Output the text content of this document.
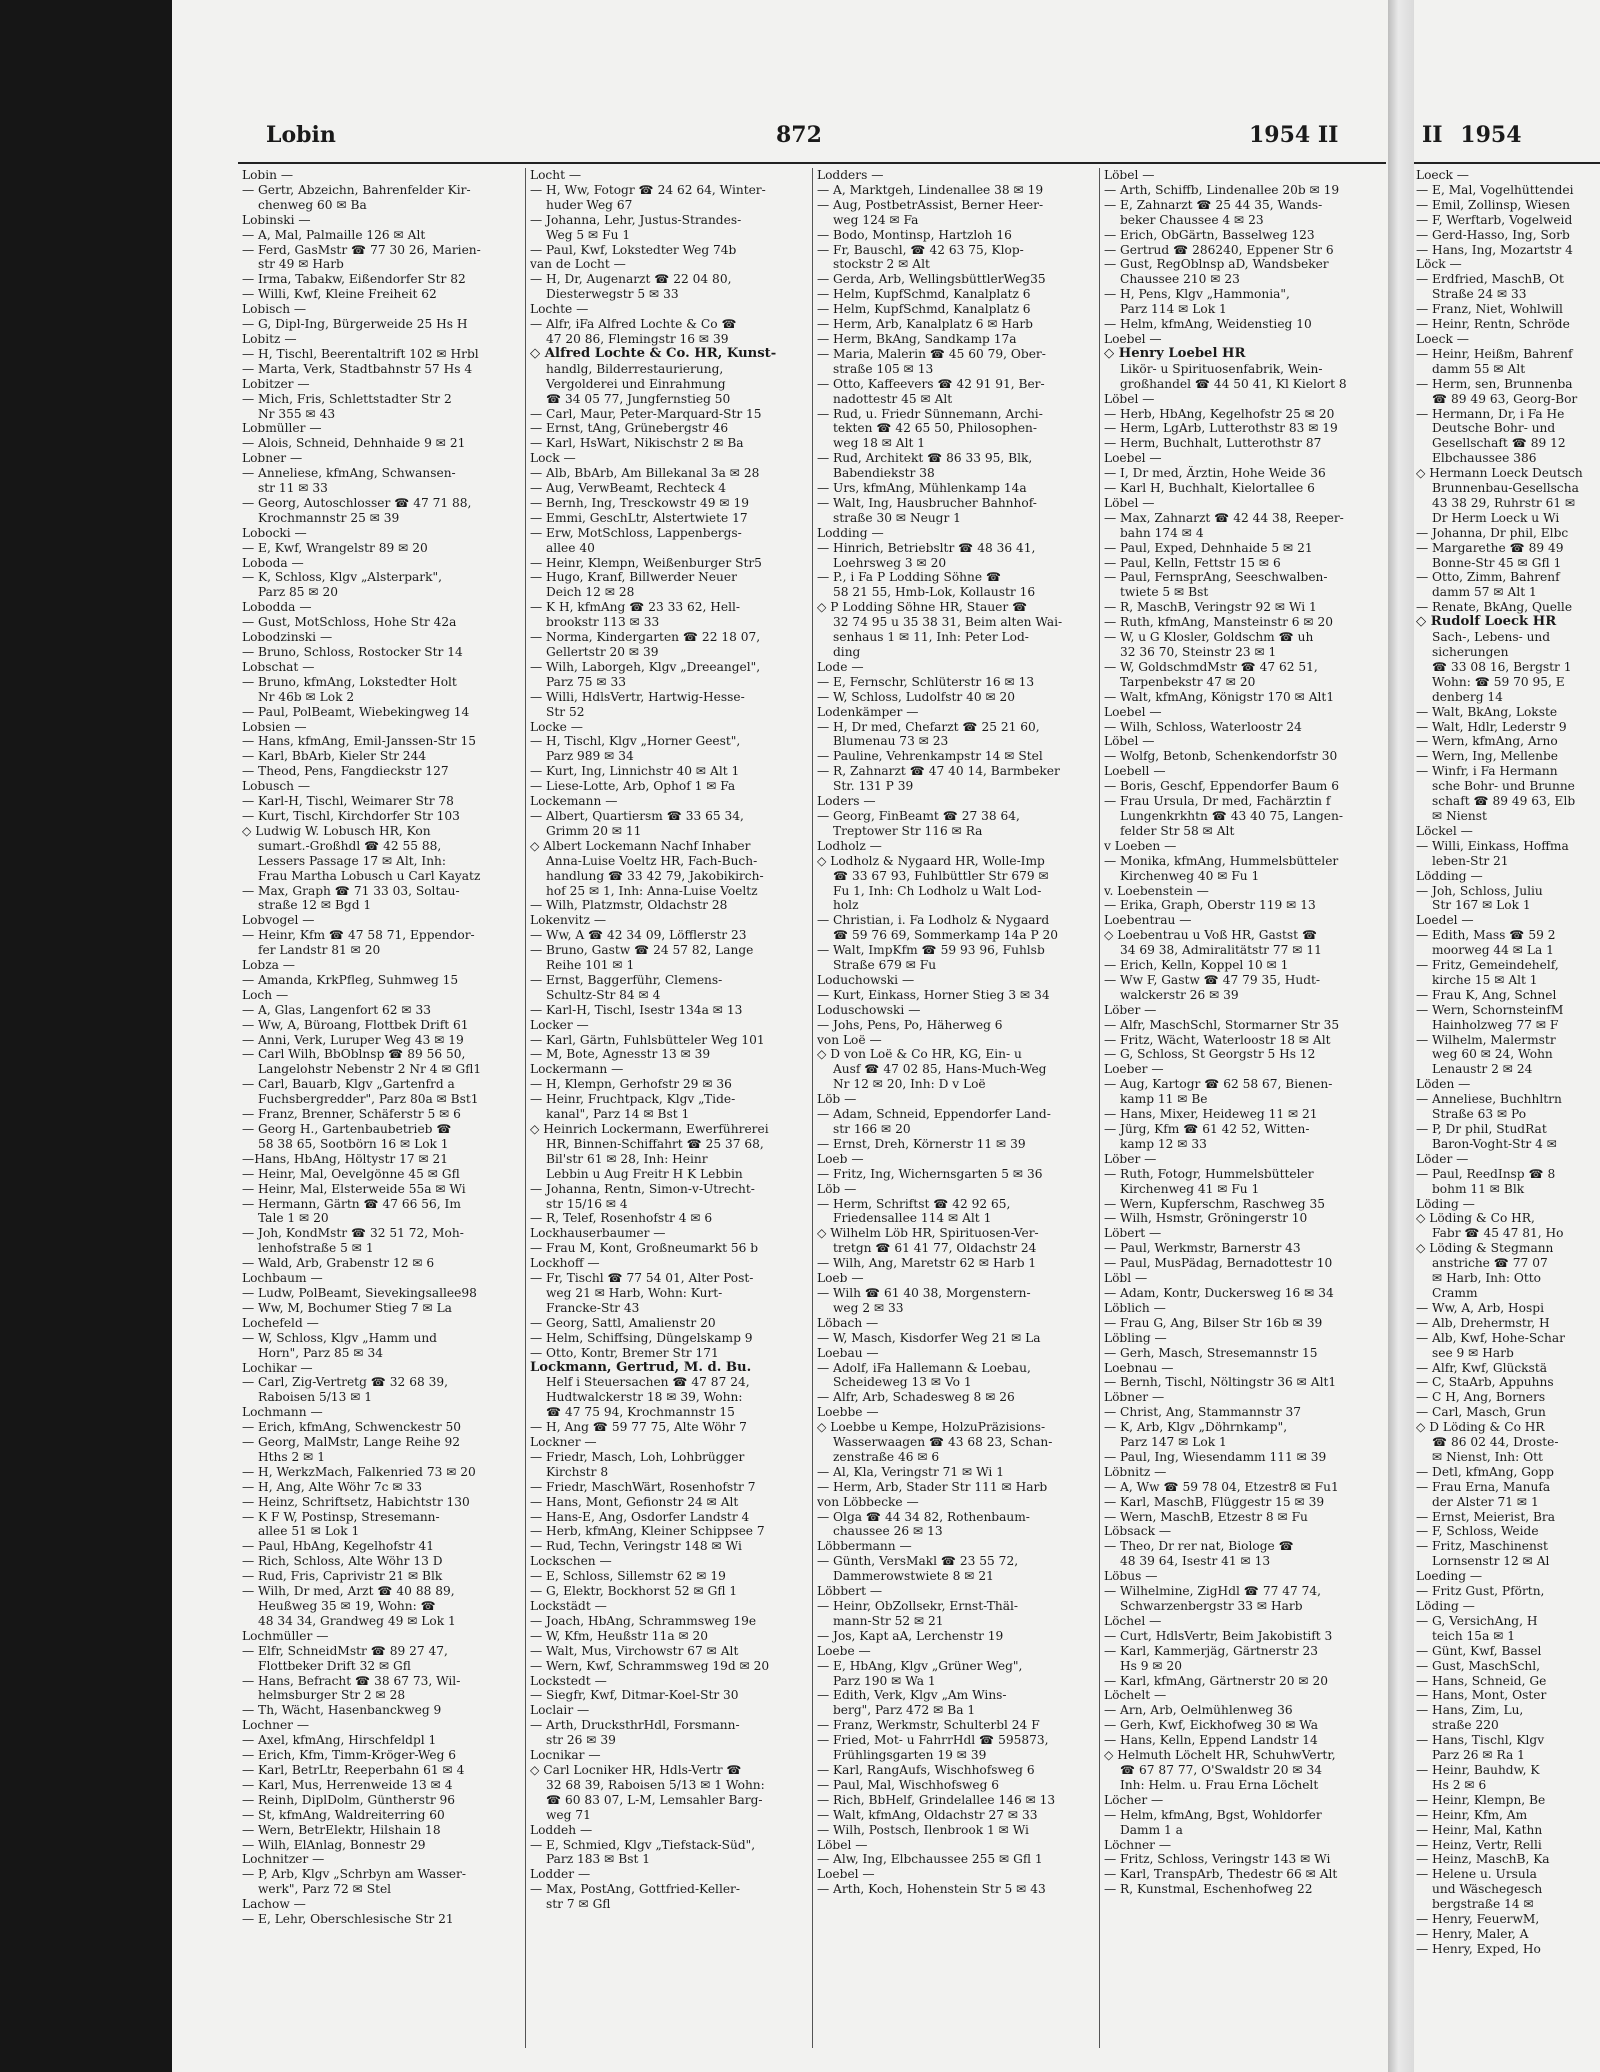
Lobin	872	1954 II
Lobin —
— Gertr, Abzeichn, Bahrenfelder Kir-
chenweg 60 ✉ Ba
Lobinski —
— A, Mal, Palmaille 126 ✉ Alt
— Ferd, GasMstr ☎ 77 30 26, Marien-
str 49 ✉ Harb
— Irma, Tabakw, Eißendorfer Str 82
— Willi, Kwf, Kleine Freiheit 62
Lobisch —
— G, Dipl-Ing, Bürgerweide 25 Hs H
Lobitz —
— H, Tischl, Beerentaltrift 102 ✉ Hrbl
— Marta, Verk, Stadtbahnstr 57 Hs 4
Lobitzer —
— Mich, Fris, Schlettstadter Str 2
Nr 355 ✉ 43
Lobmüller —
— Alois, Schneid, Dehnhaide 9 ✉ 21
Lobner —
— Anneliese, kfmAng, Schwansen-
str 11 ✉ 33
— Georg, Autoschlosser ☎ 47 71 88,
Krochmannstr 25 ✉ 39
Lobocki —
— E, Kwf, Wrangelstr 89 ✉ 20
Loboda —
— K, Schloss, Klgv „Alsterpark",
Parz 85 ✉ 20
Lobodda —
— Gust, MotSchloss, Hohe Str 42a
Lobodzinski —
— Bruno, Schloss, Rostocker Str 14
Lobschat —
— Bruno, kfmAng, Lokstedter Holt
Nr 46b ✉ Lok 2
— Paul, PolBeamt, Wiebekingweg 14
Lobsien —
— Hans, kfmAng, Emil-Janssen-Str 15
— Karl, BbArb, Kieler Str 244
— Theod, Pens, Fangdieckstr 127
Lobusch —
— Karl-H, Tischl, Weimarer Str 78
— Kurt, Tischl, Kirchdorfer Str 103
◇ Ludwig W. Lobusch HR, Kon
sumart.-Großhdl ☎ 42 55 88,
Lessers Passage 17 ✉ Alt, Inh:
Frau Martha Lobusch u Carl Kayatz
— Max, Graph ☎ 71 33 03, Soltau-
straße 12 ✉ Bgd 1
Lobvogel —
— Heinr, Kfm ☎ 47 58 71, Eppendor-
fer Landstr 81 ✉ 20
Lobza —
— Amanda, KrkPfleg, Suhmweg 15
Loch —
— A, Glas, Langenfort 62 ✉ 33
— Ww, A, Büroang, Flottbek Drift 61
— Anni, Verk, Luruper Weg 43 ✉ 19
— Carl Wilh, BbOblnsp ☎ 89 56 50,
Langelohstr Nebenstr 2 Nr 4 ✉ Gfl1
— Carl, Bauarb, Klgv „Gartenfrd a
Fuchsbergredder", Parz 80a ✉ Bst1
— Franz, Brenner, Schäferstr 5 ✉ 6
— Georg H., Gartenbaubetrieb ☎
58 38 65, Sootbörn 16 ✉ Lok 1
—Hans, HbAng, Höltystr 17 ✉ 21
— Heinr, Mal, Oevelgönne 45 ✉ Gfl
— Heinr, Mal, Elsterweide 55a ✉ Wi
— Hermann, Gärtn ☎ 47 66 56, Im
Tale 1 ✉ 20
— Joh, KondMstr ☎ 32 51 72, Moh-
lenhofstraße 5 ✉ 1
— Wald, Arb, Grabenstr 12 ✉ 6
Lochbaum —
— Ludw, PolBeamt, Sievekingsallee98
— Ww, M, Bochumer Stieg 7 ✉ La
Lochefeld —
— W, Schloss, Klgv „Hamm und
Horn", Parz 85 ✉ 34
Lochikar —
— Carl, Zig-Vertretg ☎ 32 68 39,
Raboisen 5/13 ✉ 1
Lochmann —
— Erich, kfmAng, Schwenckestr 50
— Georg, MalMstr, Lange Reihe 92
Hths 2 ✉ 1
— H, WerkzMach, Falkenried 73 ✉ 20
— H, Ang, Alte Wöhr 7c ✉ 33
— Heinz, Schriftsetz, Habichtstr 130
— K F W, Postinsp, Stresemann-
allee 51 ✉ Lok 1
— Paul, HbAng, Kegelhofstr 41
— Rich, Schloss, Alte Wöhr 13 D
— Rud, Fris, Caprivistr 21 ✉ Blk
— Wilh, Dr med, Arzt ☎ 40 88 89,
Heußweg 35 ✉ 19, Wohn: ☎
48 34 34, Grandweg 49 ✉ Lok 1
Lochmüller —
— Elfr, SchneidMstr ☎ 89 27 47,
Flottbeker Drift 32 ✉ Gfl
— Hans, Befracht ☎ 38 67 73, Wil-
helmsburger Str 2 ✉ 28
— Th, Wächt, Hasenbanckweg 9
Lochner —
— Axel, kfmAng, Hirschfeldpl 1
— Erich, Kfm, Timm-Kröger-Weg 6
— Karl, BetrLtr, Reeperbahn 61 ✉ 4
— Karl, Mus, Herrenweide 13 ✉ 4
— Reinh, DiplDolm, Güntherstr 96
— St, kfmAng, Waldreiterring 60
— Wern, BetrElektr, Hilshain 18
— Wilh, ElAnlag, Bonnestr 29
Lochnitzer —
— P, Arb, Klgv „Schrbyn am Wasser-
werk", Parz 72 ✉ Stel
Lachow —
— E, Lehr, Oberschlesische Str 21
Locht —
— H, Ww, Fotogr ☎ 24 62 64, Winter-
huder Weg 67
— Johanna, Lehr, Justus-Strandes-
Weg 5 ✉ Fu 1
— Paul, Kwf, Lokstedter Weg 74b
van de Locht —
— H, Dr, Augenarzt ☎ 22 04 80,
Diesterwegstr 5 ✉ 33
Lochte —
— Alfr, iFa Alfred Lochte & Co ☎
47 20 86, Flemingstr 16 ✉ 39
◇ Alfred Lochte & Co. HR, Kunst-
handlg, Bilderrestaurierung,
Vergolderei und Einrahmung
☎ 34 05 77, Jungfernstieg 50
— Carl, Maur, Peter-Marquard-Str 15
— Ernst, tAng, Grünebergstr 46
— Karl, HsWart, Nikischstr 2 ✉ Ba
Lock —
— Alb, BbArb, Am Billekanal 3a ✉ 28
— Aug, VerwBeamt, Rechteck 4
— Bernh, Ing, Tresckowstr 49 ✉ 19
— Emmi, GeschLtr, Alstertwiete 17
— Erw, MotSchloss, Lappenbergs-
allee 40
— Heinr, Klempn, Weißenburger Str5
— Hugo, Kranf, Billwerder Neuer
Deich 12 ✉ 28
— K H, kfmAng ☎ 23 33 62, Hell-
brookstr 113 ✉ 33
— Norma, Kindergarten ☎ 22 18 07,
Gellertstr 20 ✉ 39
— Wilh, Laborgeh, Klgv „Dreeangel",
Parz 75 ✉ 33
— Willi, HdlsVertr, Hartwig-Hesse-
Str 52
Locke —
— H, Tischl, Klgv „Horner Geest",
Parz 989 ✉ 34
— Kurt, Ing, Linnichstr 40 ✉ Alt 1
— Liese-Lotte, Arb, Ophof 1 ✉ Fa
Lockemann —
— Albert, Quartiersm ☎ 33 65 34,
Grimm 20 ✉ 11
◇ Albert Lockemann Nachf Inhaber
Anna-Luise Voeltz HR, Fach-Buch-
handlung ☎ 33 42 79, Jakobikirch-
hof 25 ✉ 1, Inh: Anna-Luise Voeltz
— Wilh, Platzmstr, Oldachstr 28
Lokenvitz —
— Ww, A ☎ 42 34 09, Löfflerstr 23
— Bruno, Gastw ☎ 24 57 82, Lange
Reihe 101 ✉ 1
— Ernst, Baggerführ, Clemens-
Schultz-Str 84 ✉ 4
— Karl-H, Tischl, Isestr 134a ✉ 13
Locker —
— Karl, Gärtn, Fuhlsbütteler Weg 101
— M, Bote, Agnesstr 13 ✉ 39
Lockermann —
— H, Klempn, Gerhofstr 29 ✉ 36
— Heinr, Fruchtpack, Klgv „Tide-
kanal", Parz 14 ✉ Bst 1
◇ Heinrich Lockermann, Ewerführerei
HR, Binnen-Schiffahrt ☎ 25 37 68,
Bil'str 61 ✉ 28, Inh: Heinr
Lebbin u Aug Freitr H K Lebbin
— Johanna, Rentn, Simon-v-Utrecht-
str 15/16 ✉ 4
— R, Telef, Rosenhofstr 4 ✉ 6
Lockhauserbaumer —
— Frau M, Kont, Großneumarkt 56 b
Lockhoff —
— Fr, Tischl ☎ 77 54 01, Alter Post-
weg 21 ✉ Harb, Wohn: Kurt-
Francke-Str 43
— Georg, Sattl, Amalienstr 20
— Helm, Schiffsing, Düngelskamp 9
— Otto, Kontr, Bremer Str 171
Lockmann, Gertrud, M. d. Bu.
Helf i Steuersachen ☎ 47 87 24,
Hudtwalckerstr 18 ✉ 39, Wohn:
☎ 47 75 94, Krochmannstr 15
— H, Ang ☎ 59 77 75, Alte Wöhr 7
Lockner —
— Friedr, Masch, Loh, Lohbrügger
Kirchstr 8
— Friedr, MaschWärt, Rosenhofstr 7
— Hans, Mont, Gefionstr 24 ✉ Alt
— Hans-E, Ang, Osdorfer Landstr 4
— Herb, kfmAng, Kleiner Schippsee 7
— Rud, Techn, Veringstr 148 ✉ Wi
Lockschen —
— E, Schloss, Sillemstr 62 ✉ 19
— G, Elektr, Bockhorst 52 ✉ Gfl 1
Lockstädt —
— Joach, HbAng, Schrammsweg 19e
— W, Kfm, Heußstr 11a ✉ 20
— Walt, Mus, Virchowstr 67 ✉ Alt
— Wern, Kwf, Schrammsweg 19d ✉ 20
Lockstedt —
— Siegfr, Kwf, Ditmar-Koel-Str 30
Loclair —
— Arth, DrucksthrHdl, Forsmann-
str 26 ✉ 39
Locnikar —
◇ Carl Locniker HR, Hdls-Vertr ☎
32 68 39, Raboisen 5/13 ✉ 1 Wohn:
☎ 60 83 07, L-M, Lemsahler Barg-
weg 71
Loddeh —
— E, Schmied, Klgv „Tiefstack-Süd",
Parz 183 ✉ Bst 1
Lodder —
— Max, PostAng, Gottfried-Keller-
str 7 ✉ Gfl
Lodders —
— A, Marktgeh, Lindenallee 38 ✉ 19
— Aug, PostbetrAssist, Berner Heer-
weg 124 ✉ Fa
— Bodo, Montinsp, Hartzloh 16
— Fr, Bauschl, ☎ 42 63 75, Klop-
stockstr 2 ✉ Alt
— Gerda, Arb, WellingsbüttlerWeg35
— Helm, KupfSchmd, Kanalplatz 6
— Helm, KupfSchmd, Kanalplatz 6
— Herm, Arb, Kanalplatz 6 ✉ Harb
— Herm, BkAng, Sandkamp 17a
— Maria, Malerin ☎ 45 60 79, Ober-
straße 105 ✉ 13
— Otto, Kaffeevers ☎ 42 91 91, Ber-
nadottestr 45 ✉ Alt
— Rud, u. Friedr Sünnemann, Archi-
tekten ☎ 42 65 50, Philosophen-
weg 18 ✉ Alt 1
— Rud, Architekt ☎ 86 33 95, Blk,
Babendiekstr 38
— Urs, kfmAng, Mühlenkamp 14a
— Walt, Ing, Hausbrucher Bahnhof-
straße 30 ✉ Neugr 1
Lodding —
— Hinrich, Betriebsltr ☎ 48 36 41,
Loehrsweg 3 ✉ 20
— P., i Fa P Lodding Söhne ☎
58 21 55, Hmb-Lok, Kollaustr 16
◇ P Lodding Söhne HR, Stauer ☎
32 74 95 u 35 38 31, Beim alten Wai-
senhaus 1 ✉ 11, Inh: Peter Lod-
ding
Lode —
— E, Fernschr, Schlüterstr 16 ✉ 13
— W, Schloss, Ludolfstr 40 ✉ 20
Lodenkämper —
— H, Dr med, Chefarzt ☎ 25 21 60,
Blumenau 73 ✉ 23
— Pauline, Vehrenkampstr 14 ✉ Stel
— R, Zahnarzt ☎ 47 40 14, Barmbeker
Str. 131 P 39
Loders —
— Georg, FinBeamt ☎ 27 38 64,
Treptower Str 116 ✉ Ra
Lodholz —
◇ Lodholz & Nygaard HR, Wolle-Imp
☎ 33 67 93, Fuhlbüttler Str 679 ✉
Fu 1, Inh: Ch Lodholz u Walt Lod-
holz
— Christian, i. Fa Lodholz & Nygaard
☎ 59 76 69, Sommerkamp 14a P 20
— Walt, ImpKfm ☎ 59 93 96, Fuhlsb
Straße 679 ✉ Fu
Loduchowski —
— Kurt, Einkass, Horner Stieg 3 ✉ 34
Loduschowski —
— Johs, Pens, Po, Häherweg 6
von Loë —
◇ D von Loë & Co HR, KG, Ein- u
Ausf ☎ 47 02 85, Hans-Much-Weg
Nr 12 ✉ 20, Inh: D v Loë
Löb —
— Adam, Schneid, Eppendorfer Land-
str 166 ✉ 20
— Ernst, Dreh, Körnerstr 11 ✉ 39
Loeb —
— Fritz, Ing, Wichernsgarten 5 ✉ 36
Löb —
— Herm, Schriftst ☎ 42 92 65,
Friedensallee 114 ✉ Alt 1
◇ Wilhelm Löb HR, Spirituosen-Ver-
tretgn ☎ 61 41 77, Oldachstr 24
— Wilh, Ang, Maretstr 62 ✉ Harb 1
Loeb —
— Wilh ☎ 61 40 38, Morgenstern-
weg 2 ✉ 33
Löbach —
— W, Masch, Kisdorfer Weg 21 ✉ La
Loebau —
— Adolf, iFa Hallemann & Loebau,
Scheideweg 13 ✉ Vo 1
— Alfr, Arb, Schadesweg 8 ✉ 26
Loebbe —
◇ Loebbe u Kempe, HolzuPräzisions-
Wasserwaagen ☎ 43 68 23, Schan-
zenstraße 46 ✉ 6
— Al, Kla, Veringstr 71 ✉ Wi 1
— Herm, Arb, Stader Str 111 ✉ Harb
von Löbbecke —
— Olga ☎ 44 34 82, Rothenbaum-
chaussee 26 ✉ 13
Löbbermann —
— Günth, VersMakl ☎ 23 55 72,
Dammerowstwiete 8 ✉ 21
Löbbert —
— Heinr, ObZollsekr, Ernst-Thäl-
mann-Str 52 ✉ 21
— Jos, Kapt aA, Lerchenstr 19
Loebe —
— E, HbAng, Klgv „Grüner Weg",
Parz 190 ✉ Wa 1
— Edith, Verk, Klgv „Am Wins-
berg", Parz 472 ✉ Ba 1
— Franz, Werkmstr, Schulterbl 24 F
— Fried, Mot- u FahrrHdl ☎ 595873,
Frühlingsgarten 19 ✉ 39
— Karl, RangAufs, Wischhofsweg 6
— Paul, Mal, Wischhofsweg 6
— Rich, BbHelf, Grindelallee 146 ✉ 13
— Walt, kfmAng, Oldachstr 27 ✉ 33
— Wilh, Postsch, Ilenbrook 1 ✉ Wi
Löbel —
— Alw, Ing, Elbchaussee 255 ✉ Gfl 1
Loebel —
— Arth, Koch, Hohenstein Str 5 ✉ 43
Löbel —
— Arth, Schiffb, Lindenallee 20b ✉ 19
— E, Zahnarzt ☎ 25 44 35, Wands-
beker Chaussee 4 ✉ 23
— Erich, ObGärtn, Basselweg 123
— Gertrud ☎ 286240, Eppener Str 6
— Gust, RegOblnsp aD, Wandsbeker
Chaussee 210 ✉ 23
— H, Pens, Klgv „Hammonia",
Parz 114 ✉ Lok 1
— Helm, kfmAng, Weidenstieg 10
Loebel —
◇ Henry Loebel HR
Likör- u Spirituosenfabrik, Wein-
großhandel ☎ 44 50 41, Kl Kielort 8
Löbel —
— Herb, HbAng, Kegelhofstr 25 ✉ 20
— Herm, LgArb, Lutterothstr 83 ✉ 19
— Herm, Buchhalt, Lutterothstr 87
Loebel —
— I, Dr med, Ärztin, Hohe Weide 36
— Karl H, Buchhalt, Kielortallee 6
Löbel —
— Max, Zahnarzt ☎ 42 44 38, Reeper-
bahn 174 ✉ 4
— Paul, Exped, Dehnhaide 5 ✉ 21
— Paul, Kelln, Fettstr 15 ✉ 6
— Paul, FernsprAng, Seeschwalben-
twiete 5 ✉ Bst
— R, MaschB, Veringstr 92 ✉ Wi 1
— Ruth, kfmAng, Mansteinstr 6 ✉ 20
— W, u G Klosler, Goldschm ☎ uh
32 36 70, Steinstr 23 ✉ 1
— W, GoldschmdMstr ☎ 47 62 51,
Tarpenbekstr 47 ✉ 20
— Walt, kfmAng, Königstr 170 ✉ Alt1
Loebel —
— Wilh, Schloss, Waterloostr 24
Löbel —
— Wolfg, Betonb, Schenkendorfstr 30
Loebell —
— Boris, Geschf, Eppendorfer Baum 6
— Frau Ursula, Dr med, Fachärztin f
Lungenkrkhtn ☎ 43 40 75, Langen-
felder Str 58 ✉ Alt
v Loeben —
— Monika, kfmAng, Hummelsbütteler
Kirchenweg 40 ✉ Fu 1
v. Loebenstein —
— Erika, Graph, Oberstr 119 ✉ 13
Loebentrau —
◇ Loebentrau u Voß HR, Gastst ☎
34 69 38, Admiralitätstr 77 ✉ 11
— Erich, Kelln, Koppel 10 ✉ 1
— Ww F, Gastw ☎ 47 79 35, Hudt-
walckerstr 26 ✉ 39
Löber —
— Alfr, MaschSchl, Stormarner Str 35
— Fritz, Wächt, Waterloostr 18 ✉ Alt
— G, Schloss, St Georgstr 5 Hs 12
Loeber —
— Aug, Kartogr ☎ 62 58 67, Bienen-
kamp 11 ✉ Be
— Hans, Mixer, Heideweg 11 ✉ 21
— Jürg, Kfm ☎ 61 42 52, Witten-
kamp 12 ✉ 33
Löber —
— Ruth, Fotogr, Hummelsbütteler
Kirchenweg 41 ✉ Fu 1
— Wern, Kupferschm, Raschweg 35
— Wilh, Hsmstr, Gröningerstr 10
Löbert —
— Paul, Werkmstr, Barnerstr 43
— Paul, MusPädag, Bernadottestr 10
Löbl —
— Adam, Kontr, Duckersweg 16 ✉ 34
Löblich —
— Frau G, Ang, Bilser Str 16b ✉ 39
Löbling —
— Gerh, Masch, Stresemannstr 15
Loebnau —
— Bernh, Tischl, Nöltingstr 36 ✉ Alt1
Löbner —
— Christ, Ang, Stammannstr 37
— K, Arb, Klgv „Döhrnkamp",
Parz 147 ✉ Lok 1
— Paul, Ing, Wiesendamm 111 ✉ 39
Löbnitz —
— A, Ww ☎ 59 78 04, Etzestr8 ✉ Fu1
— Karl, MaschB, Flüggestr 15 ✉ 39
— Wern, MaschB, Etzestr 8 ✉ Fu
Löbsack —
— Theo, Dr rer nat, Biologe ☎
48 39 64, Isestr 41 ✉ 13
Löbus —
— Wilhelmine, ZigHdl ☎ 77 47 74,
Schwarzenbergstr 33 ✉ Harb
Löchel —
— Curt, HdlsVertr, Beim Jakobistift 3
— Karl, Kammerjäg, Gärtnerstr 23
Hs 9 ✉ 20
— Karl, kfmAng, Gärtnerstr 20 ✉ 20
Löchelt —
— Arn, Arb, Oelmühlenweg 36
— Gerh, Kwf, Eickhofweg 30 ✉ Wa
— Hans, Kelln, Eppend Landstr 14
◇ Helmuth Löchelt HR, SchuhwVertr,
☎ 67 87 77, O'Swaldstr 20 ✉ 34
Inh: Helm. u. Frau Erna Löchelt
Löcher —
— Helm, kfmAng, Bgst, Wohldorfer
Damm 1 a
Löchner —
— Fritz, Schloss, Veringstr 143 ✉ Wi
— Karl, TranspArb, Thedestr 66 ✉ Alt
— R, Kunstmal, Eschenhofweg 22
II 1954
Loeck —
— E, Mal, Vogelhüttendei
— Emil, Zollinsp, Wiesen
— F, Werftarb, Vogelweid
— Gerd-Hasso, Ing, Sorb
— Hans, Ing, Mozartstr 4
Löck —
— Erdfried, MaschB, Ot
Straße 24 ✉ 33
— Franz, Niet, Wohlwill
— Heinr, Rentn, Schröde
Loeck —
— Heinr, Heißm, Bahrenf
damm 55 ✉ Alt
— Herm, sen, Brunnenba
☎ 89 49 63, Georg-Bor
— Hermann, Dr, i Fa He
Deutsche Bohr- und
Gesellschaft ☎ 89 12
Elbchaussee 386
◇ Hermann Loeck Deutsch
Brunnenbau-Gesellscha
43 38 29, Ruhrstr 61 ✉
Dr Herm Loeck u Wi
— Johanna, Dr phil, Elbc
— Margarethe ☎ 89 49
Bonne-Str 45 ✉ Gfl 1
— Otto, Zimm, Bahrenf
damm 57 ✉ Alt 1
— Renate, BkAng, Quelle
◇ Rudolf Loeck HR
Sach-, Lebens- und
sicherungen
☎ 33 08 16, Bergstr 1
Wohn: ☎ 59 70 95, E
denberg 14
— Walt, BkAng, Lokste
— Walt, Hdlr, Lederstr 9
— Wern, kfmAng, Arno
— Wern, Ing, Mellenbe
— Winfr, i Fa Hermann
sche Bohr- und Brunne
schaft ☎ 89 49 63, Elb
✉ Nienst
Löckel —
— Willi, Einkass, Hoffma
leben-Str 21
Lödding —
— Joh, Schloss, Juliu
Str 167 ✉ Lok 1
Loedel —
— Edith, Mass ☎ 59 2
moorweg 44 ✉ La 1
— Fritz, Gemeindehelf,
kirche 15 ✉ Alt 1
— Frau K, Ang, Schnel
— Wern, SchornsteinfM
Hainholzweg 77 ✉ F
— Wilhelm, Malermstr
weg 60 ✉ 24, Wohn
Lenaustr 2 ✉ 24
Löden —
— Anneliese, Buchhltrn
Straße 63 ✉ Po
— P, Dr phil, StudRat
Baron-Voght-Str 4 ✉
Löder —
— Paul, ReedInsp ☎ 8
bohm 11 ✉ Blk
Löding —
◇ Löding & Co HR,
Fabr ☎ 45 47 81, Ho
◇ Löding & Stegmann
anstriche ☎ 77 07
✉ Harb, Inh: Otto
Cramm
— Ww, A, Arb, Hospi
— Alb, Drehermstr, H
— Alb, Kwf, Hohe-Schar
see 9 ✉ Harb
— Alfr, Kwf, Glückstä
— C, StaArb, Appuhns
— C H, Ang, Borners
— Carl, Masch, Grun
◇ D Löding & Co HR
☎ 86 02 44, Droste-
✉ Nienst, Inh: Ott
— Detl, kfmAng, Gopp
— Frau Erna, Manufa
der Alster 71 ✉ 1
— Ernst, Meierist, Bra
— F, Schloss, Weide
— Fritz, Maschinenst
Lornsenstr 12 ✉ Al
Loeding —
— Fritz Gust, Pförtn,
Löding —
— G, VersichAng, H
teich 15a ✉ 1
— Günt, Kwf, Bassel
— Gust, MaschSchl,
— Hans, Schneid, Ge
— Hans, Mont, Oster
— Hans, Zim, Lu,
straße 220
— Hans, Tischl, Klgv
Parz 26 ✉ Ra 1
— Heinr, Bauhdw, K
Hs 2 ✉ 6
— Heinr, Klempn, Be
— Heinr, Kfm, Am
— Heinr, Mal, Kathn
— Heinz, Vertr, Relli
— Heinz, MaschB, Ka
— Helene u. Ursula
und Wäschegesch
bergstraße 14 ✉
— Henry, FeuerwM,
— Henry, Maler, A
— Henry, Exped, Ho
